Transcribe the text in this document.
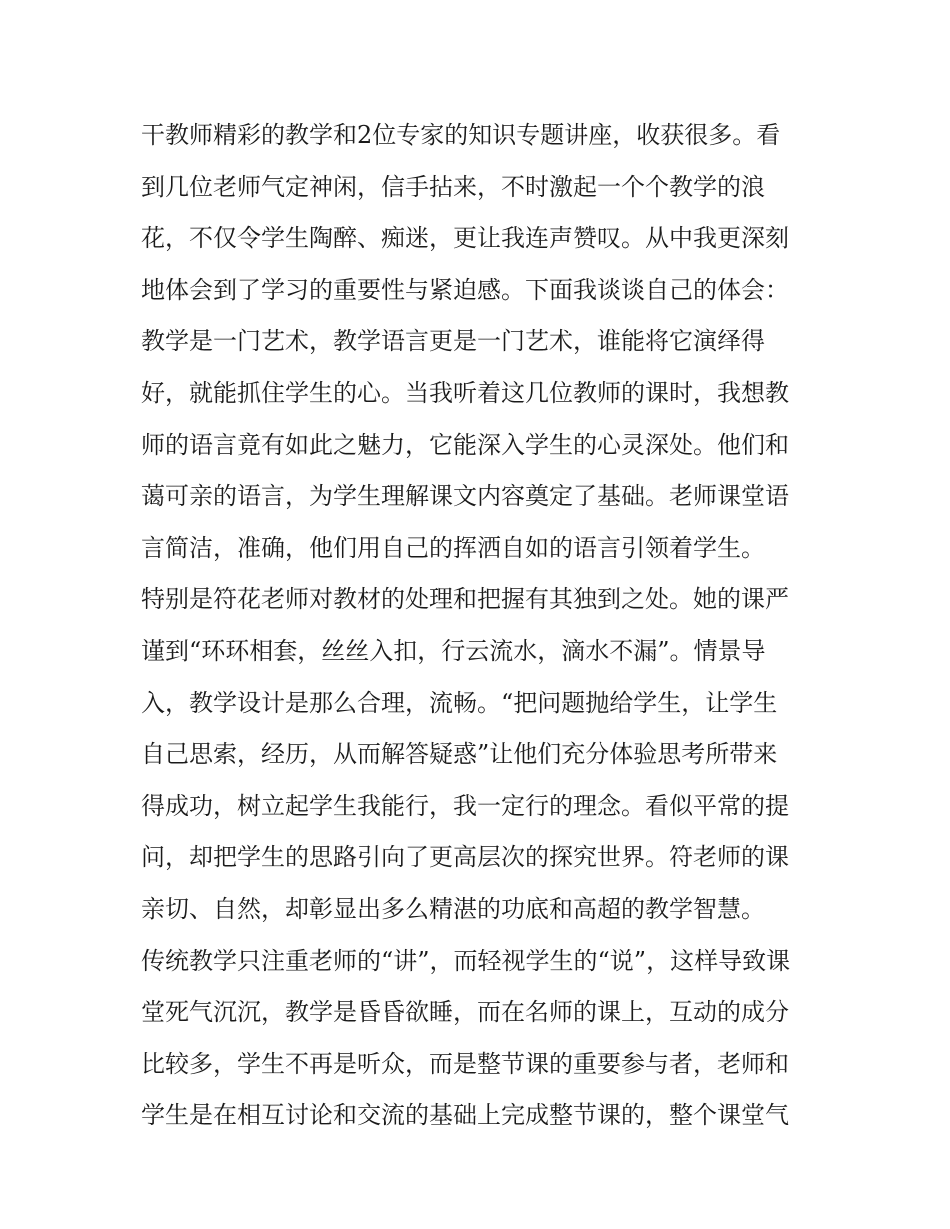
干教师精彩的教学和2位专家的知识专题讲座，收获很多。看
到几位老师气定神闲，信手拈来，不时激起一个个教学的浪
花，不仅令学生陶醉、痴迷，更让我连声赞叹。从中我更深刻
地体会到了学习的重要性与紧迫感。下面我谈谈自己的体会：
教学是一门艺术，教学语言更是一门艺术，谁能将它演绎得
好，就能抓住学生的心。当我听着这几位教师的课时，我想教
师的语言竟有如此之魅力，它能深入学生的心灵深处。他们和
蔼可亲的语言，为学生理解课文内容奠定了基础。老师课堂语
言简洁，准确，他们用自己的挥洒自如的语言引领着学生。
特别是符花老师对教材的处理和把握有其独到之处。她的课严
谨到“环环相套，丝丝入扣，行云流水，滴水不漏”。情景导
入，教学设计是那么合理，流畅。“把问题抛给学生，让学生
自己思索，经历，从而解答疑惑”让他们充分体验思考所带来
得成功，树立起学生我能行，我一定行的理念。看似平常的提
问，却把学生的思路引向了更高层次的探究世界。符老师的课
亲切、自然，却彰显出多么精湛的功底和高超的教学智慧。
传统教学只注重老师的“讲”，而轻视学生的“说”，这样导致课
堂死气沉沉，教学是昏昏欲睡，而在名师的课上，互动的成分
比较多，学生不再是听众，而是整节课的重要参与者，老师和
学生是在相互讨论和交流的基础上完成整节课的，整个课堂气
